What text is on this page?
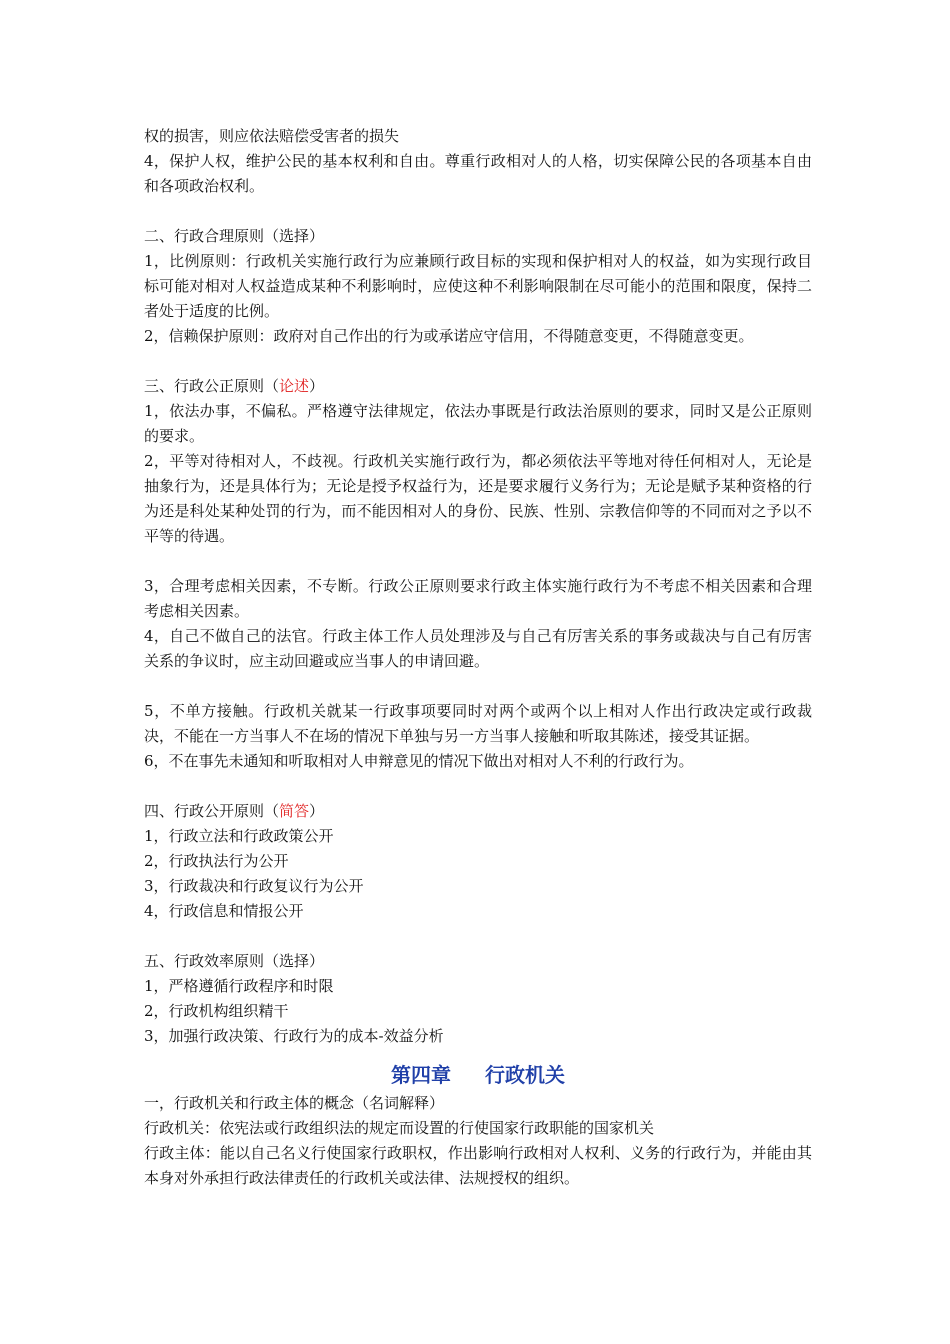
权的损害，则应依法赔偿受害者的损失

4，保护人权，维护公民的基本权利和自由。尊重行政相对人的人格，切实保障公民的各项基本自由和各项政治权利。

二、行政合理原则（选择）

1，比例原则：行政机关实施行政行为应兼顾行政目标的实现和保护相对人的权益，如为实现行政目标可能对相对人权益造成某种不利影响时，应使这种不利影响限制在尽可能小的范围和限度，保持二者处于适度的比例。

2，信赖保护原则：政府对自己作出的行为或承诺应守信用，不得随意变更，不得随意变更。

三、行政公正原则（论述）

1，依法办事，不偏私。严格遵守法律规定，依法办事既是行政法治原则的要求，同时又是公正原则的要求。

2，平等对待相对人，不歧视。行政机关实施行政行为，都必须依法平等地对待任何相对人，无论是抽象行为，还是具体行为；无论是授予权益行为，还是要求履行义务行为；无论是赋予某种资格的行为还是科处某种处罚的行为，而不能因相对人的身份、民族、性别、宗教信仰等的不同而对之予以不平等的待遇。

3，合理考虑相关因素，不专断。行政公正原则要求行政主体实施行政行为不考虑不相关因素和合理考虑相关因素。

4，自己不做自己的法官。行政主体工作人员处理涉及与自己有厉害关系的事务或裁决与自己有厉害关系的争议时，应主动回避或应当事人的申请回避。

5，不单方接触。行政机关就某一行政事项要同时对两个或两个以上相对人作出行政决定或行政裁决，不能在一方当事人不在场的情况下单独与另一方当事人接触和听取其陈述，接受其证据。

6，不在事先未通知和听取相对人申辩意见的情况下做出对相对人不利的行政行为。

四、行政公开原则（简答）

1，行政立法和行政政策公开

2，行政执法行为公开

3，行政裁决和行政复议行为公开

4，行政信息和情报公开

五、行政效率原则（选择）

1，严格遵循行政程序和时限

2，行政机构组织精干

3，加强行政决策、行政行为的成本-效益分析

第四章 行政机关

一，行政机关和行政主体的概念（名词解释）

行政机关：依宪法或行政组织法的规定而设置的行使国家行政职能的国家机关

行政主体：能以自己名义行使国家行政职权，作出影响行政相对人权利、义务的行政行为，并能由其本身对外承担行政法律责任的行政机关或法律、法规授权的组织。
